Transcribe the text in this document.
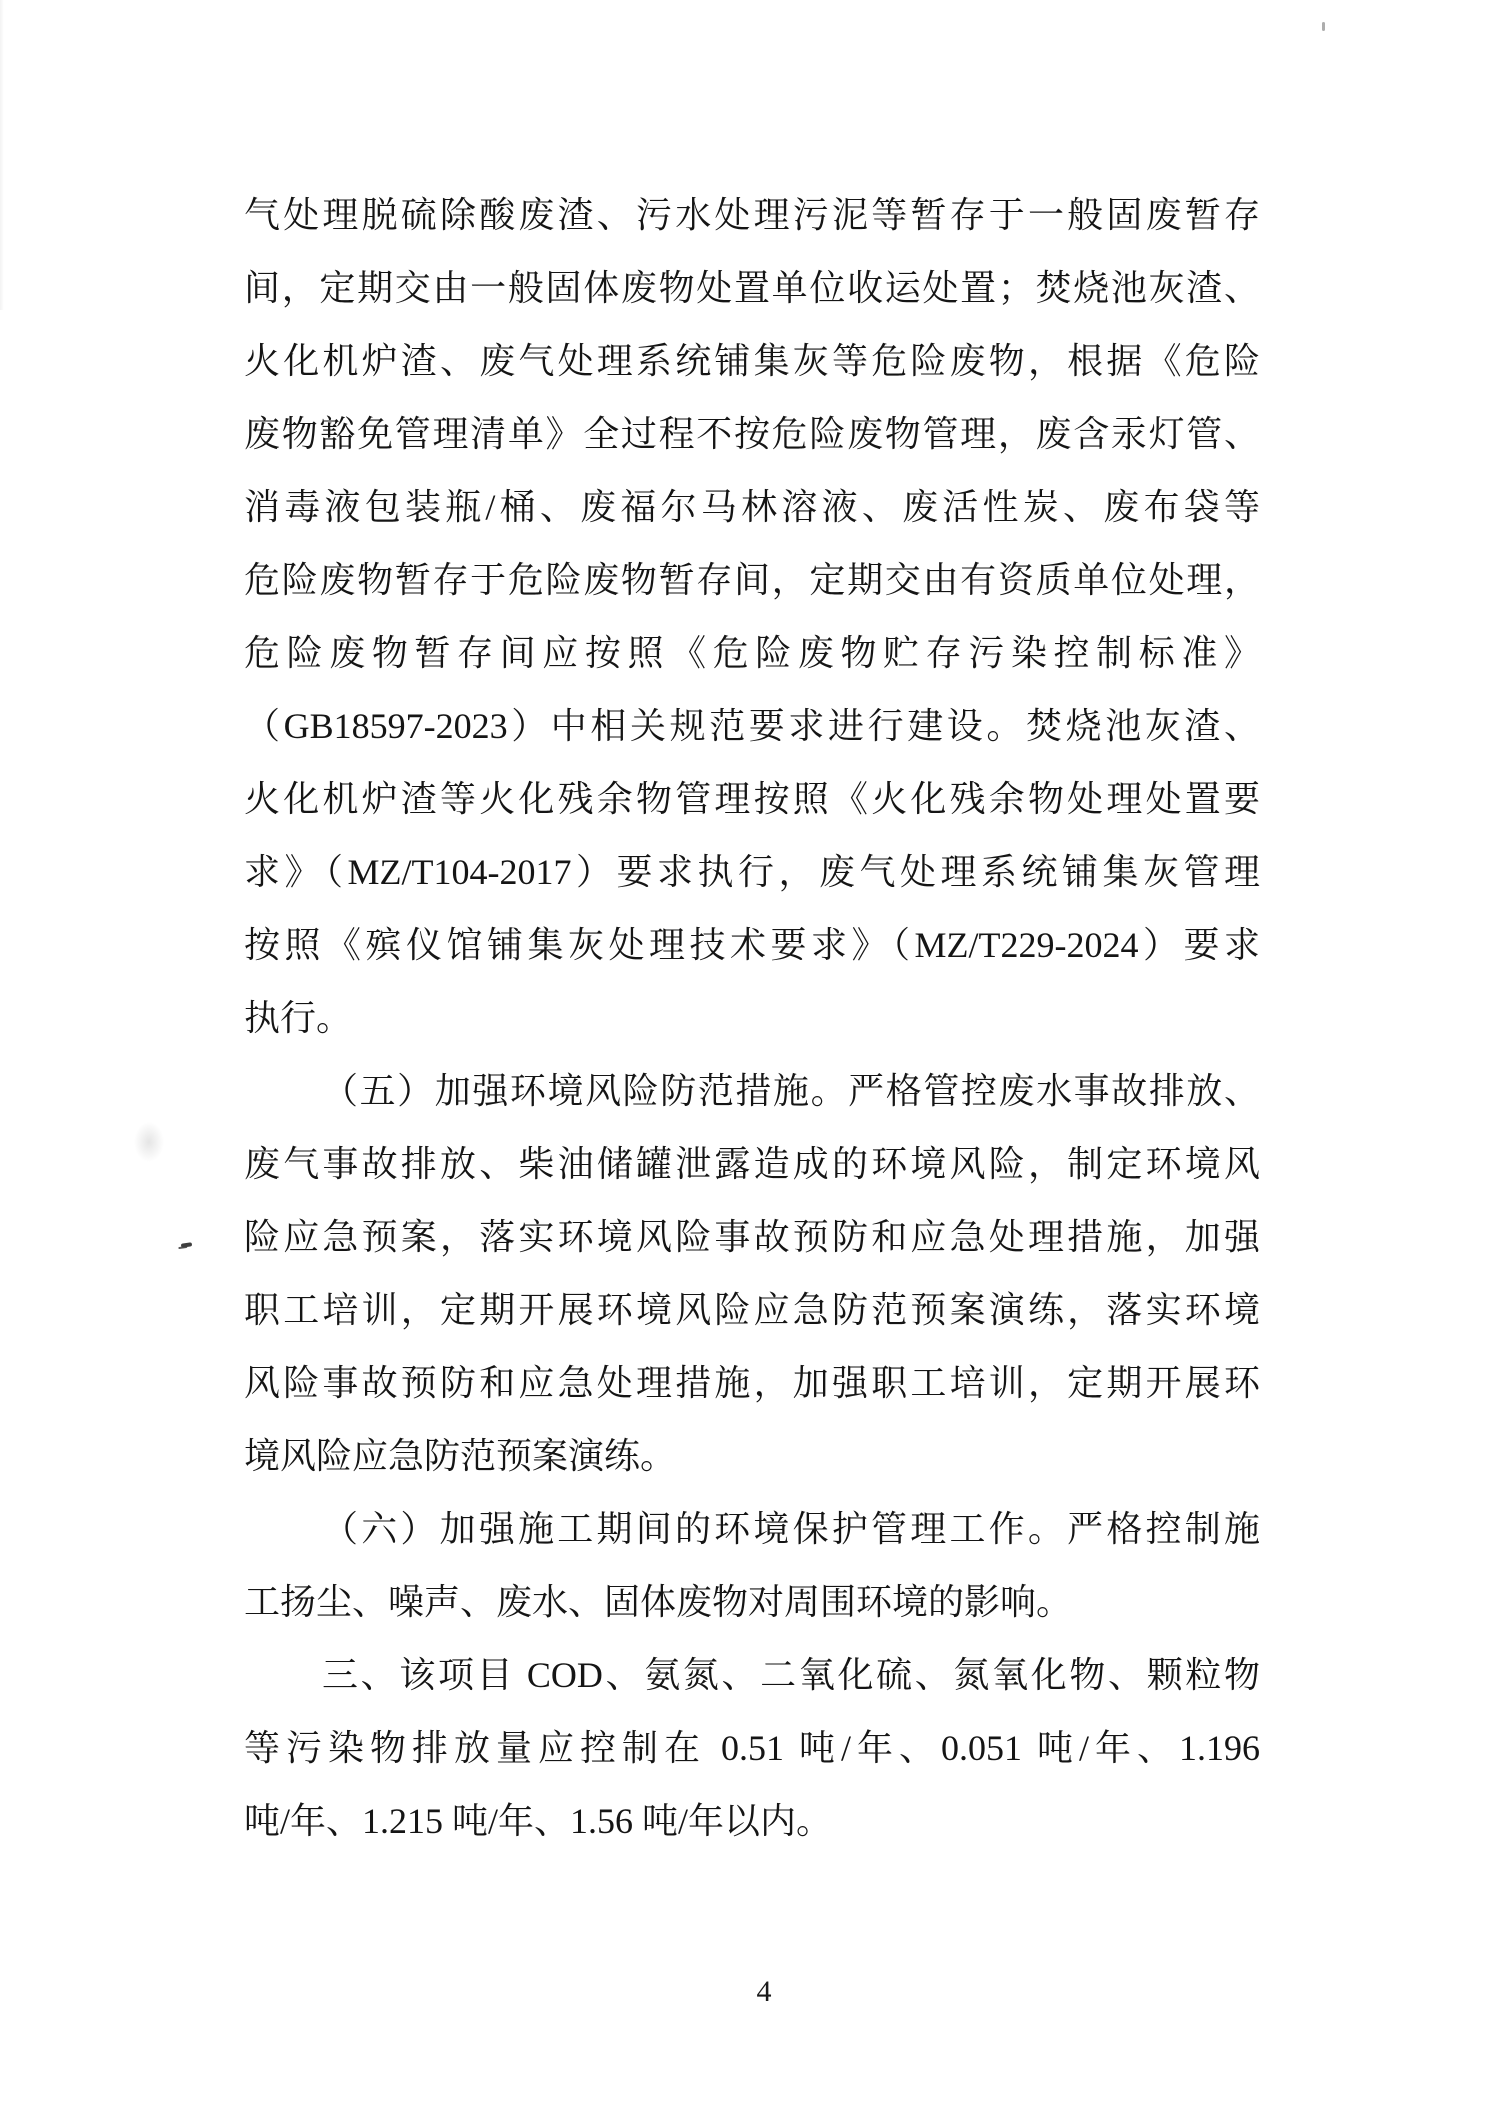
气处理脱硫除酸废渣、污水处理污泥等暂存于一般固废暂存
间，定期交由一般固体废物处置单位收运处置；焚烧池灰渣、
火化机炉渣、废气处理系统铺集灰等危险废物，根据《危险
废物豁免管理清单》全过程不按危险废物管理，废含汞灯管、
消毒液包装瓶/桶、废福尔马林溶液、废活性炭、废布袋等
危险废物暂存于危险废物暂存间，定期交由有资质单位处理，
危险废物暂存间应按照《危险废物贮存污染控制标准》
（GB18597-2023）中相关规范要求进行建设。焚烧池灰渣、
火化机炉渣等火化残余物管理按照《火化残余物处理处置要
求》（MZ/T104-2017）要求执行，废气处理系统铺集灰管理
按照《殡仪馆铺集灰处理技术要求》（MZ/T229-2024）要求
执行。
（五）加强环境风险防范措施。严格管控废水事故排放、
废气事故排放、柴油储罐泄露造成的环境风险，制定环境风
险应急预案，落实环境风险事故预防和应急处理措施，加强
职工培训，定期开展环境风险应急防范预案演练，落实环境
风险事故预防和应急处理措施，加强职工培训，定期开展环
境风险应急防范预案演练。
（六）加强施工期间的环境保护管理工作。严格控制施
工扬尘、噪声、废水、固体废物对周围环境的影响。
三、该项目 COD、氨氮、二氧化硫、氮氧化物、颗粒物
等污染物排放量应控制在 0.51 吨/年、0.051 吨/年、1.196
吨/年、1.215 吨/年、1.56 吨/年以内。
4
